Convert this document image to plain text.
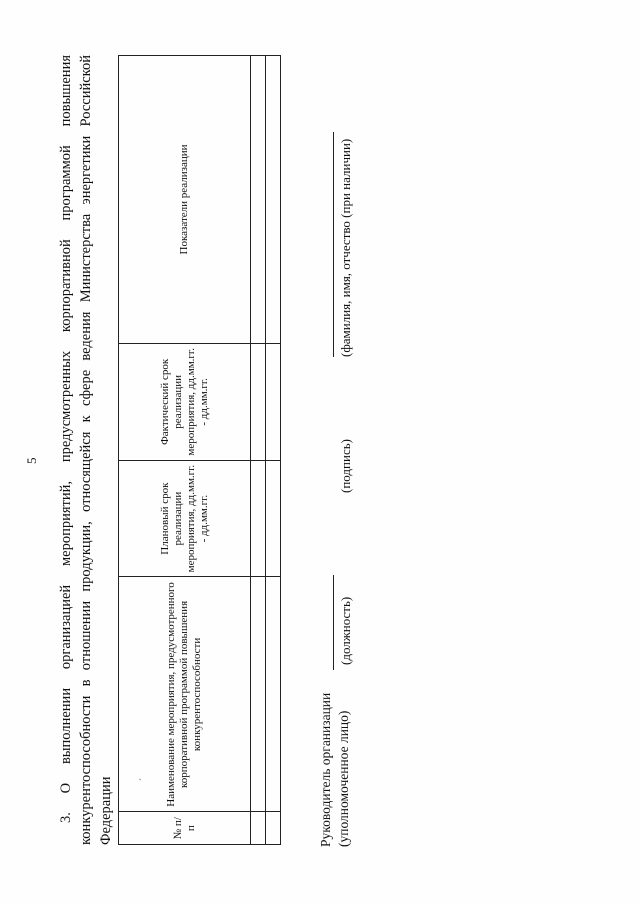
5 3. О выполнении организацией мероприятий, предусмотренных корпоративной программой повышения конкурентоспособности в отношении продукции, относящейся к сфере ведения Министерства энергетики Российской Федерации	´
№ п/п	Наименование мероприятия, предусмотренного корпоративной программой повышения конкурентоспособности	Плановый срок реализации мероприятия, дд.мм.гг. - дд.мм.гг.	Фактический срок реализации мероприятия, дд.мм.гг. - дд.мм.гг.	Показатели реализации

Руководитель организации (уполномоченное лицо)
(должность)
(подпись)
(фамилия, имя, отчество (при наличии)
